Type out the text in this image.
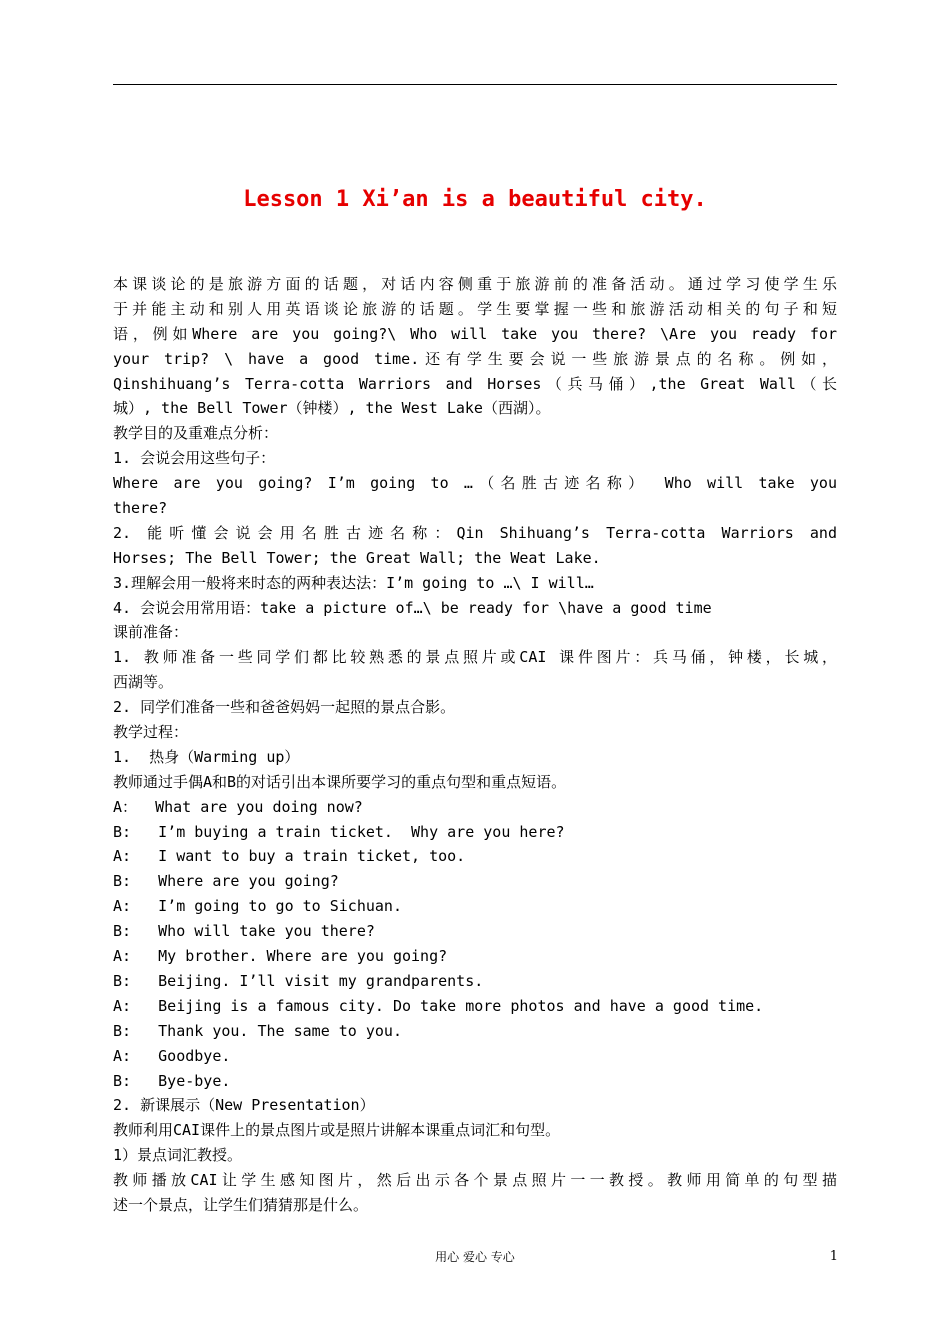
Lesson 1 Xi’an is a beautiful city.
本课谈论的是旅游方面的话题，对话内容侧重于旅游前的准备活动。通过学习使学生乐
于并能主动和别人用英语谈论旅游的话题。学生要掌握一些和旅游活动相关的句子和短
语，例如Where are you going?\ Who will take you there? \Are you ready for
your trip? \ have a good time.还有学生要会说一些旅游景点的名称。例如，
Qinshihuang’s Terra-cotta Warriors and Horses（兵马俑）,the Great Wall（长
城）, the Bell Tower（钟楼）, the West Lake（西湖）。
教学目的及重难点分析：
1. 会说会用这些句子：
Where are you going? I’m going to …（名胜古迹名称） Who will take you
there?
2. 能听懂会说会用名胜古迹名称：Qin Shihuang’s Terra-cotta Warriors and
Horses; The Bell Tower; the Great Wall; the Weat Lake.
3.理解会用一般将来时态的两种表达法：I’m going to …\ I will…
4. 会说会用常用语：take a picture of…\ be ready for \have a good time
课前准备：
1. 教师准备一些同学们都比较熟悉的景点照片或CAI 课件图片：兵马俑，钟楼，长城，
西湖等。
2. 同学们准备一些和爸爸妈妈一起照的景点合影。
教学过程：
1.  热身（Warming up）
教师通过手偶A和B的对话引出本课所要学习的重点句型和重点短语。
A：  What are you doing now?
B:   I’m buying a train ticket.  Why are you here?
A:   I want to buy a train ticket, too.
B:   Where are you going?
A:   I’m going to go to Sichuan.
B:   Who will take you there?
A:   My brother. Where are you going?
B:   Beijing. I’ll visit my grandparents.
A:   Beijing is a famous city. Do take more photos and have a good time.
B:   Thank you. The same to you.
A:   Goodbye.
B:   Bye-bye.
2. 新课展示（New Presentation）
教师利用CAI课件上的景点图片或是照片讲解本课重点词汇和句型。
1）景点词汇教授。
教师播放CAI让学生感知图片，然后出示各个景点照片一一教授。教师用简单的句型描
述一个景点，让学生们猜猜那是什么。
用心 爱心 专心	1
